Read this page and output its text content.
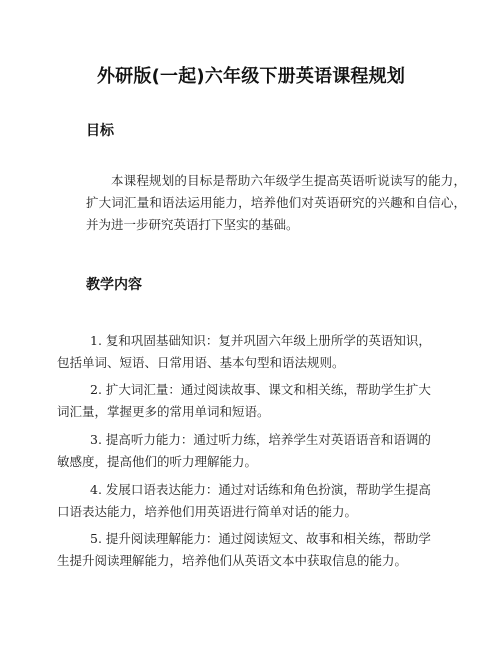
外研版(一起)六年级下册英语课程规划
目标
本课程规划的目标是帮助六年级学生提高英语听说读写的能力，扩大词汇量和语法运用能力，培养他们对英语研究的兴趣和自信心，并为进一步研究英语打下坚实的基础。
教学内容
1. 复和巩固基础知识：复并巩固六年级上册所学的英语知识，
包括单词、短语、日常用语、基本句型和语法规则。
2. 扩大词汇量：通过阅读故事、课文和相关练，帮助学生扩大
词汇量，掌握更多的常用单词和短语。
3. 提高听力能力：通过听力练，培养学生对英语语音和语调的
敏感度，提高他们的听力理解能力。
4. 发展口语表达能力：通过对话练和角色扮演，帮助学生提高
口语表达能力，培养他们用英语进行简单对话的能力。
5. 提升阅读理解能力：通过阅读短文、故事和相关练，帮助学
生提升阅读理解能力，培养他们从英语文本中获取信息的能力。
